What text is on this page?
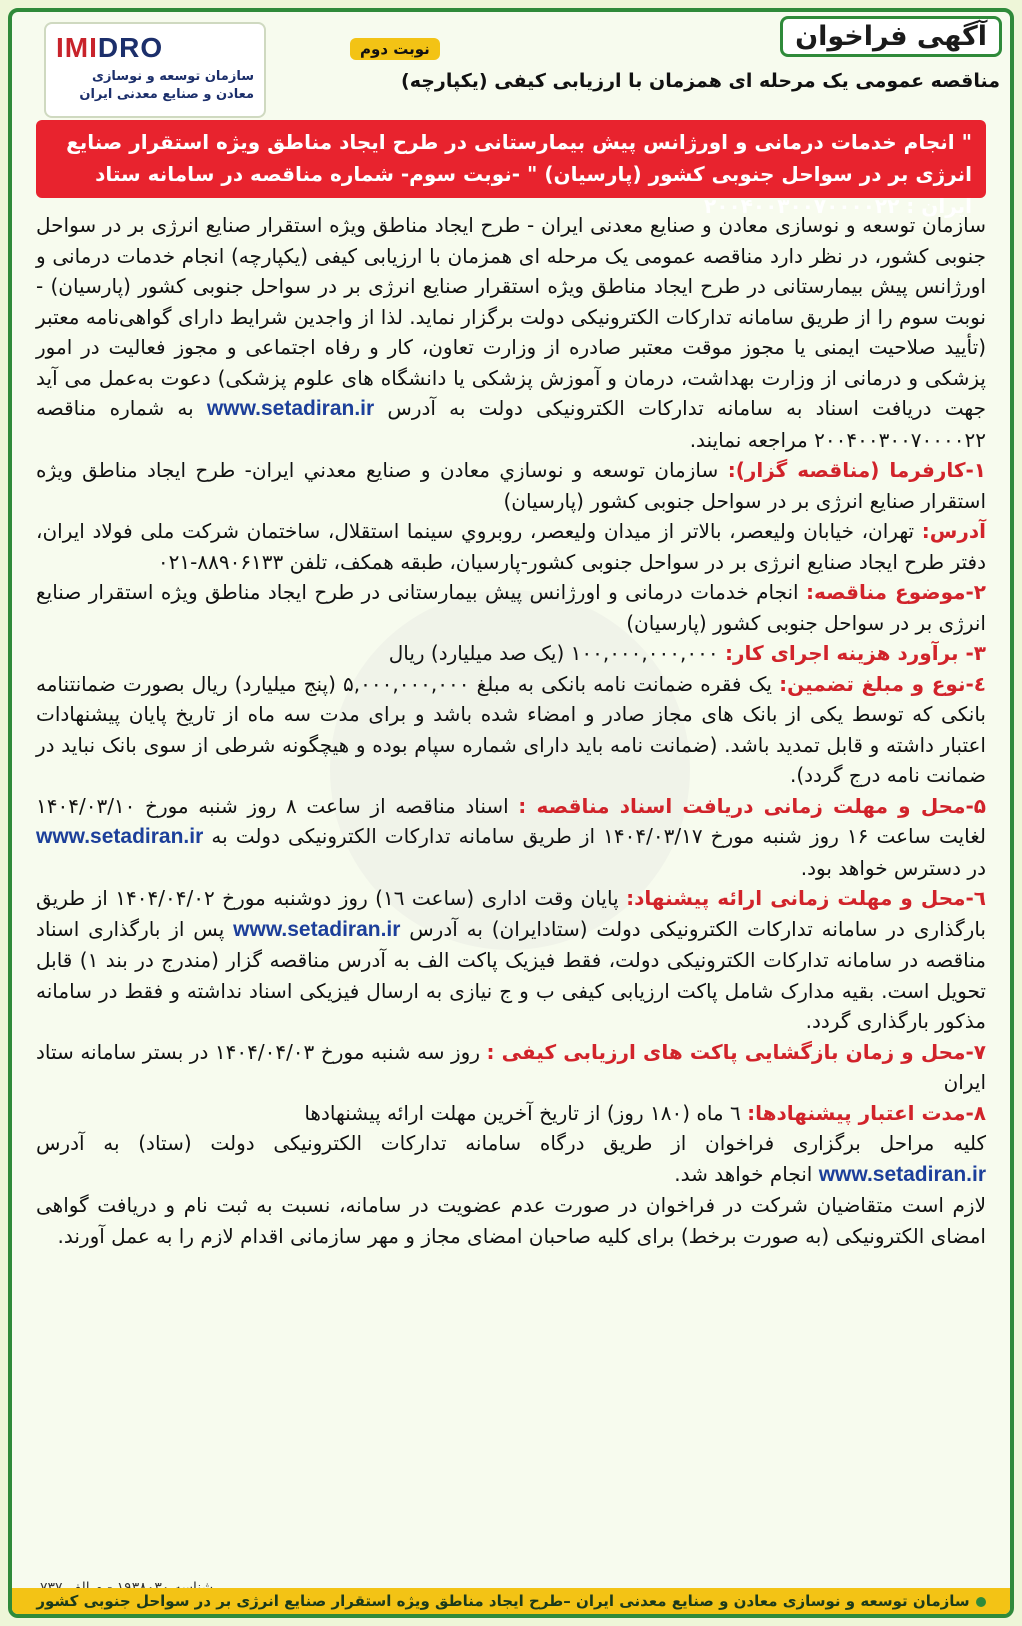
IMIDRO
سازمان توسعه و نوسازی
معادن و صنایع معدنی ایران
نوبت دوم	آگهی فراخوان
مناقصه عمومی یک مرحله ای همزمان با ارزیابی کیفی (یکپارچه)
" انجام خدمات درمانی و اورژانس پیش بیمارستانی در طرح ایجاد مناطق ویژه استقرار صنایع انرژی بر در سواحل جنوبی کشور (پارسیان) " -نوبت سوم- شماره مناقصه در سامانه ستاد ایران : ۲۰۰۴۰۰۳۰۰۷۰۰۰۰۲۲

سازمان توسعه و نوسازی معادن و صنایع معدنی ایران - طرح ایجاد مناطق ویژه استقرار صنایع انرژی بر در سواحل جنوبی کشور، در نظر دارد مناقصه عمومی یک مرحله ای همزمان با ارزیابی کیفی (یکپارچه) انجام خدمات درمانی و اورژانس پیش بیمارستانی در طرح ایجاد مناطق ویژه استقرار صنایع انرژی بر در سواحل جنوبی کشور (پارسیان) - نوبت سوم را از طریق سامانه تدارکات الکترونیکی دولت برگزار نماید. لذا از واجدین شرایط دارای گواهی‌نامه معتبر (تأیید صلاحیت ایمنی یا مجوز موقت معتبر صادره از وزارت تعاون، کار و رفاه اجتماعی و مجوز فعالیت در امور پزشکی و درمانی از وزارت بهداشت، درمان و آموزش پزشکی یا دانشگاه های علوم پزشکی) دعوت به‌عمل می آید جهت دریافت اسناد به سامانه تدارکات الکترونیکی دولت به آدرس www.setadiran.ir به شماره مناقصه ۲۰۰۴۰۰۳۰۰۷۰۰۰۰۲۲ مراجعه نمایند.

۱-کارفرما (مناقصه گزار): سازمان توسعه و نوسازي معادن و صنايع معدني ايران- طرح ایجاد مناطق ویژه استقرار صنایع انرژی بر در سواحل جنوبی کشور (پارسیان)

آدرس: تهران، خیابان ولیعصر، بالاتر از میدان ولیعصر، روبروي سینما استقلال، ساختمان شرکت ملی فولاد ایران، دفتر طرح ایجاد صنایع انرژی بر در سواحل جنوبی کشور-پارسیان، طبقه همکف، تلفن ۸۸۹۰۶۱۳۳-۰۲۱

۲-موضوع مناقصه: انجام خدمات درمانی و اورژانس پیش بیمارستانی در طرح ایجاد مناطق ویژه استقرار صنایع انرژی بر در سواحل جنوبی کشور (پارسیان)

۳- برآورد هزینه اجرای کار: ۱۰۰,۰۰۰,۰۰۰,۰۰۰ (یک صد میلیارد) ریال

٤-نوع و مبلغ تضمین: یک فقره ضمانت نامه بانکی به مبلغ ۵,۰۰۰,۰۰۰,۰۰۰ (پنج میلیارد) ریال بصورت ضمانتنامه بانکی که توسط یکی از بانک های مجاز صادر و امضاء شده باشد و برای مدت سه ماه از تاریخ پایان پیشنهادات اعتبار داشته و قابل تمدید باشد. (ضمانت نامه باید دارای شماره سپام بوده و هیچگونه شرطی از سوی بانک نباید در ضمانت نامه درج گردد).

۵-محل و مهلت زمانی دریافت اسناد مناقصه : اسناد مناقصه از ساعت ۸ روز شنبه مورخ ۱۴۰۴/۰۳/۱۰ لغایت ساعت ۱۶ روز شنبه مورخ ۱۴۰۴/۰۳/۱۷ از طریق سامانه تدارکات الکترونیکی دولت به www.setadiran.ir در دسترس خواهد بود.

٦-محل و مهلت زمانی ارائه پیشنهاد: پایان وقت اداری (ساعت ۱٦) روز دوشنبه مورخ ۱۴۰۴/۰۴/۰۲ از طریق بارگذاری در سامانه تدارکات الکترونیکی دولت (ستادایران) به آدرس www.setadiran.ir پس از بارگذاری اسناد مناقصه در سامانه تدارکات الکترونیکی دولت، فقط فیزیک پاکت الف به آدرس مناقصه گزار (مندرج در بند ۱) قابل تحویل است. بقیه مدارک شامل پاکت ارزیابی کیفی ب و ج نیازی به ارسال فیزیکی اسناد نداشته و فقط در سامانه مذکور بارگذاری گردد.

۷-محل و زمان بازگشایی پاکت های ارزیابی کیفی : روز سه شنبه مورخ ۱۴۰۴/۰۴/۰۳ در بستر سامانه ستاد ایران

۸-مدت اعتبار پیشنهادها: ٦ ماه (۱۸۰ روز) از تاریخ آخرین مهلت ارائه پیشنهادها

کلیه مراحل برگزاری فراخوان از طریق درگاه سامانه تدارکات الکترونیکی دولت (ستاد) به آدرس www.setadiran.ir انجام خواهد شد.

لازم است متقاضیان شرکت در فراخوان در صورت عدم عضویت در سامانه، نسبت به ثبت نام و دریافت گواهی امضای الکترونیکی (به صورت برخط) برای کلیه صاحبان امضای مجاز و مهر سازمانی اقدام لازم را به عمل آورند.

سازمان توسعه و نوسازی معادن و صنایع معدنی ایران –طرح ایجاد مناطق ویژه استقرار صنایع انرژی بر در سواحل جنوبی کشور
